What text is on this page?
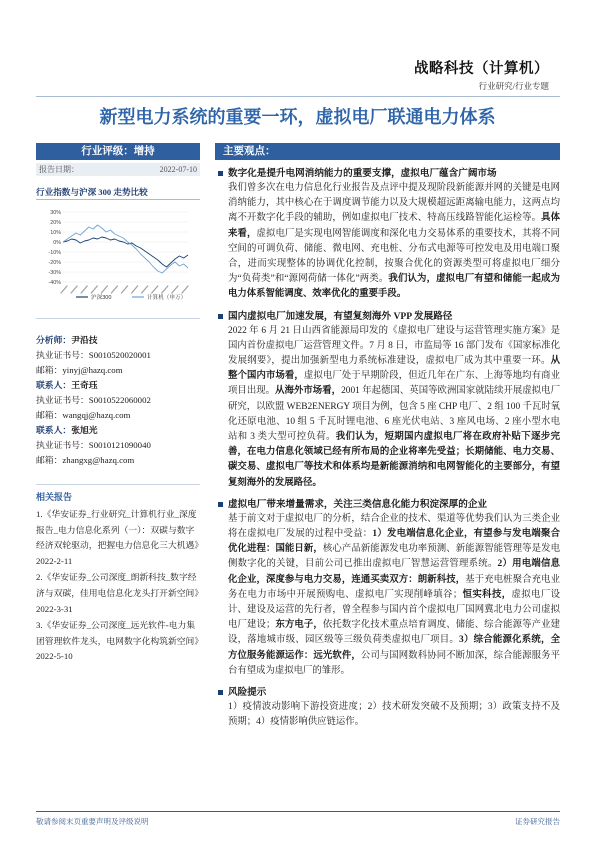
战略科技（计算机）
行业研究/行业专题
新型电力系统的重要一环，虚拟电厂联通电力体系
行业评级：增持
报告日期：	2022-07-10
行业指数与沪深 300 走势比较
30%
20%
10%
0%
-10%
-20%
-30%
-40%
沪深300	计算机（申万）
分析师：尹沿技
执业证书号：S0010520020001
邮箱：yinyj@hazq.com
联系人：王奇珏
执业证书号：S0010522060002
邮箱：wangqj@hazq.com
联系人：张旭光
执业证书号：S0010121090040
邮箱：zhangxg@hazq.com
相关报告
1.《华安证券_行业研究_计算机行业_深度报告_电力信息化系列（一）：双碳与数字经济双轮驱动，把握电力信息化三大机遇》2022-2-11
2.《华安证券_公司深度_朗新科技_数字经济与双碳，佳用电信息化龙头打开新空间》2022-3-31
3.《华安证券_公司深度_远光软件-电力集团管理软件龙头，电网数字化构筑新空间》2022-5-10
主要观点：
数字化是提升电网消纳能力的重要支撑，虚拟电厂蕴含广阔市场
我们曾多次在电力信息化行业报告及点评中提及现阶段新能源并网的关键是电网消纳能力，其中核心在于调度调节能力以及大规模超远距离输电能力，这两点均离不开数字化手段的辅助，例如虚拟电厂技术、特高压线路智能化运检等。具体来看，虚拟电厂是实现电网智能调度和深化电力交易体系的重要技术，其将不同空间的可调负荷、储能、微电网、充电桩、分布式电源等可控发电及用电端口聚合，进而实现整体的协调优化控制，按聚合优化的资源类型可将虚拟电厂细分为“负荷类”和“源网荷储一体化”两类。我们认为，虚拟电厂有望和储能一起成为电力体系智能调度、效率优化的重要手段。
国内虚拟电厂加速发展，有望复刻海外 VPP 发展路径
2022 年 6 月 21 日山西省能源局印发的《虚拟电厂建设与运营管理实施方案》是国内首份虚拟电厂运营管理文件。7 月 8 日，市监局等 16 部门发布《国家标准化发展纲要》，提出加强新型电力系统标准建设，虚拟电厂成为其中重要一环。从整个国内市场看，虚拟电厂处于早期阶段，但近几年在广东、上海等地均有商业项目出现。从海外市场看，2001 年起德国、英国等欧洲国家就陆续开展虚拟电厂研究，以欧盟 WEB2ENERGY 项目为例，包含 5 座 CHP 电厂、2 组 100 千瓦时氧化还原电池、10 组 5 千瓦时锂电池、6 座光伏电站、3 座风电场、2 座小型水电站和 3 类大型可控负荷。我们认为，短期国内虚拟电厂将在政府补贴下逐步完善，在电力信息化领域已经有所布局的企业将率先受益；长期储能、电力交易、碳交易、虚拟电厂等技术和体系均是新能源消纳和电网智能化的主要部分，有望复刻海外的发展路径。
虚拟电厂带来增量需求，关注三类信息化能力积淀深厚的企业
基于前文对于虚拟电厂的分析，结合企业的技术、渠道等优势我们认为三类企业将在虚拟电厂发展的过程中受益：1）发电端信息化企业，有望参与发电端聚合优化进程：国能日新，核心产品新能源发电功率预测、新能源智能管理等是发电侧数字化的关键，目前公司已推出虚拟电厂智慧运营管理系统。2）用电端信息化企业，深度参与电力交易，连通买卖双方：朗新科技，基于充电桩聚合充电业务在电力市场中开展预购电、虚拟电厂实现削峰填谷；恒实科技，虚拟电厂设计、建设及运营的先行者，曾全程参与国内首个虚拟电厂国网冀北电力公司虚拟电厂建设；东方电子，依托数字化技术重点培育调度、储能、综合能源等产业建设，落地城市级、园区级等三级负荷类虚拟电厂项目。3）综合能源化系统，全方位服务能源运作：远光软件，公司与国网数科协同不断加深，综合能源服务平台有望成为虚拟电厂的雏形。
风险提示
1）疫情波动影响下游投资进度；2）技术研发突破不及预期；3）政策支持不及预期；4）疫情影响供应链运作。
敬请参阅末页重要声明及评级说明	证券研究报告
